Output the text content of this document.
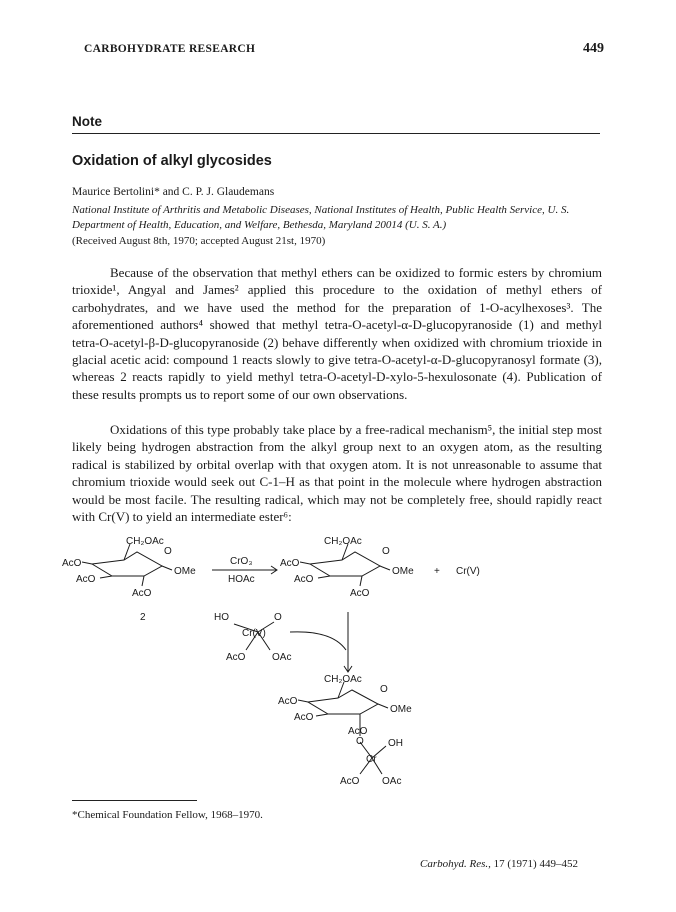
CARBOHYDRATE RESEARCH	449
Note
Oxidation of alkyl glycosides
Maurice Bertolini* and C. P. J. Glaudemans
National Institute of Arthritis and Metabolic Diseases, National Institutes of Health, Public Health Service, U. S. Department of Health, Education, and Welfare, Bethesda, Maryland 20014 (U. S. A.)
(Received August 8th, 1970; accepted August 21st, 1970)

Because of the observation that methyl ethers can be oxidized to formic esters by chromium trioxide¹, Angyal and James² applied this procedure to the oxidation of methyl ethers of carbohydrates, and we have used the method for the preparation of 1-O-acylhexoses³. The aforementioned authors⁴ showed that methyl tetra-O-acetyl-α-D-glucopyranoside (1) and methyl tetra-O-acetyl-β-D-glucopyranoside (2) behave differently when oxidized with chromium trioxide in glacial acetic acid: compound 1 reacts slowly to give tetra-O-acetyl-α-D-glucopyranosyl formate (3), whereas 2 reacts rapidly to yield methyl tetra-O-acetyl-D-xylo-5-hexulosonate (4). Publication of these results prompts us to report some of our own observations.

Oxidations of this type probably take place by a free-radical mechanism⁵, the initial step most likely being hydrogen abstraction from the alkyl group next to an oxygen atom, as the resulting radical is stabilized by orbital overlap with that oxygen atom. It is not unreasonable to assume that chromium trioxide would seek out C-1–H as that point in the molecule where hydrogen abstraction would be most facile. The resulting radical, which may not be completely free, should rapidly react with Cr(V) to yield an intermediate ester⁶:

CH₂OAc
O
AcO
AcO
OMe
AcO
2
CrO₃
HOAc
CH₂OAc
O
AcO
AcO
OMe
AcO
+ Cr(V)
HO	O
Cr(V)
AcO	OAc
CH₂OAc
O
AcO
AcO
OMe
AcO
O OH
Cr
AcO OAc
*Chemical Foundation Fellow, 1968–1970.
Carbohyd. Res., 17 (1971) 449–452
